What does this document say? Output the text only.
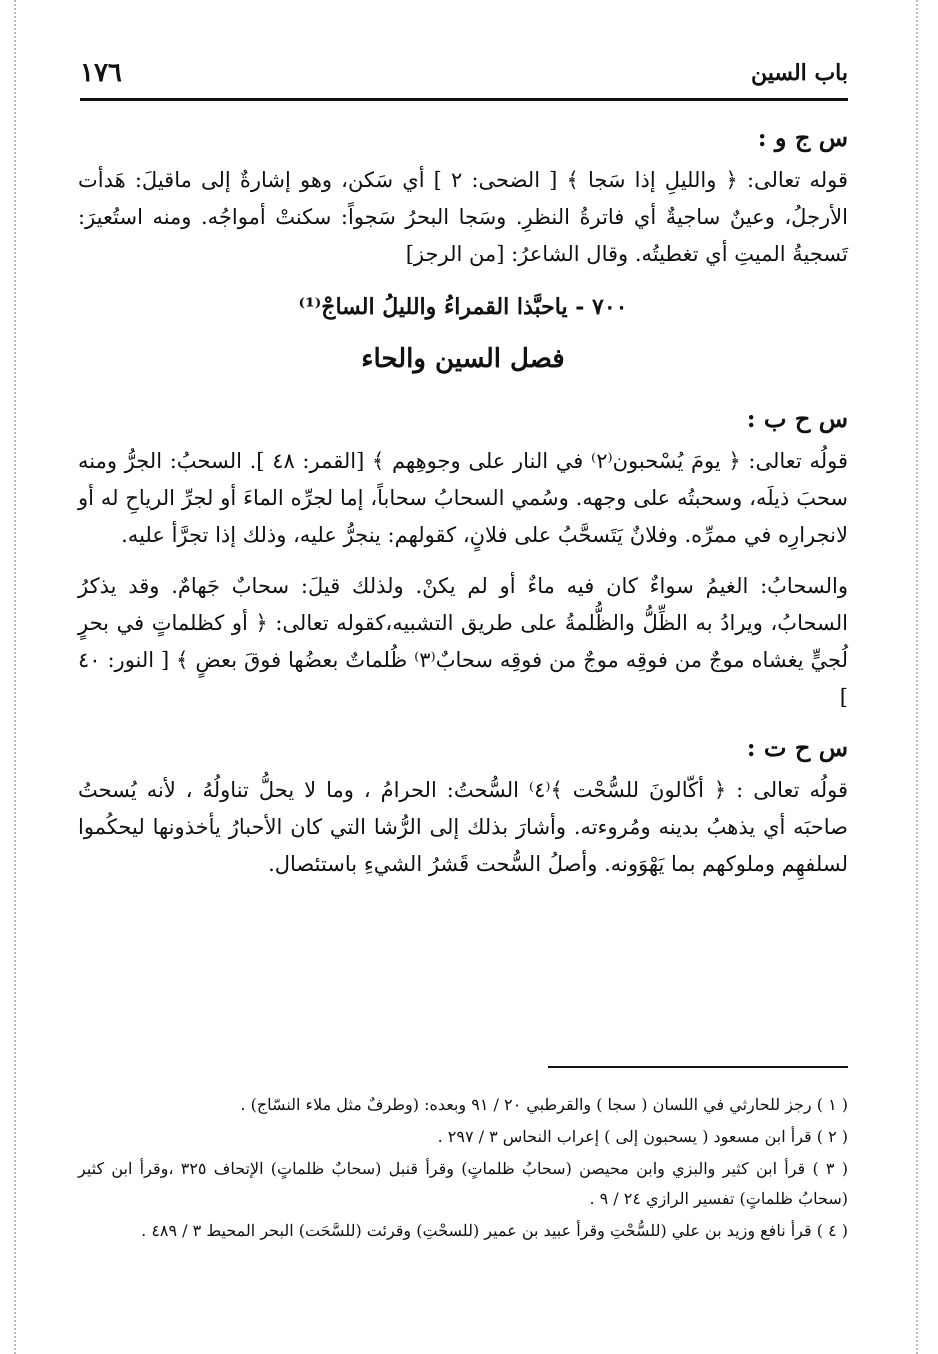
باب السين
١٧٦
س ج و :

قوله تعالى: ﴿ والليلِ إذا سَجا ﴾ [ الضحى: ٢ ] أي سَكن، وهو إشارةٌ إلى ماقيلَ: هَدأت الأرجلُ، وعينٌ ساجيةٌ أي فاترةُ النظرِ. وسَجا البحرُ سَجواً: سكنتْ أمواجُه. ومنه استُعيرَ: تَسجيةُ الميتِ أي تغطيتُه. وقال الشاعرُ: [من الرجز]

٧٠٠ - ياحبَّذا القمراءُ والليلُ الساجْ⁽¹⁾
فصل السين والحاء
س ح ب :

قولُه تعالى: ﴿ يومَ يُسْحبون⁽٢⁾ في النار على وجوهِهم ﴾ [القمر: ٤٨ ]. السحبُ: الجرُّ ومنه سحبَ ذيلَه، وسحبتُه على وجهه. وسُمي السحابُ سحاباً، إما لجرِّه الماءَ أو لجرِّ الرياحِ له أو لانجرارِه في ممرِّه. وفلانٌ يَتَسحَّبُ على فلانٍ، كقولهم: ينجرُّ عليه، وذلك إذا تجرَّأ عليه.

والسحابُ: الغيمُ سواءٌ كان فيه ماءٌ أو لم يكنْ. ولذلك قيلَ: سحابٌ جَهامٌ. وقد يذكرُ السحابُ، ويرادُ به الظِّلُّ والظُّلمةُ على طريق التشبيه،كقوله تعالى: ﴿ أو كظلماتٍ في بحرٍ لُجيٍّ يغشاه موجٌ من فوقِه موجٌ من فوقِه سحابٌ⁽٣⁾ ظُلماتٌ بعضُها فوقَ بعضٍ ﴾ [ النور: ٤٠ ]

س ح ت :

قولُه تعالى : ﴿ أكّالونَ للسُّحْت ﴾⁽٤⁾ السُّحتُ: الحرامُ ، وما لا يحلُّ تناولُهُ ، لأنه يُسحتُ صاحبَه أي يذهبُ بدينه ومُروءته. وأشارَ بذلك إلى الرُّشا التي كان الأحبارُ يأخذونها ليحكُموا لسلفهِم وملوكهم بما يَهْوَونه. وأصلُ السُّحت قَشرُ الشيءِ باستئصال.

( ١ ) رجز للحارثي في اللسان ( سجا ) والقرطبي ٢٠ / ٩١ وبعده: (وطرفٌ مثل ملاء النسّاج) .

( ٢ ) قرأ ابن مسعود ( يسحبون إلى ) إعراب النحاس ٣ / ٢٩٧ .

( ٣ ) قرأ ابن كثير والبزي وابن محيصن (سحابُ ظلماتٍ) وقرأ قنبل (سحابٌ ظلماتٍ) الإتحاف ٣٢٥ ،وقرأ ابن كثير (سحابُ ظلماتٍ) تفسير الرازي ٢٤ / ٩ .

( ٤ ) قرأ نافع وزيد بن علي (للسُّحْتِ وقرأ عبيد بن عمير (للسحْتِ) وقرئت (للسَّحَت) البحر المحيط ٣ / ٤٨٩ .
